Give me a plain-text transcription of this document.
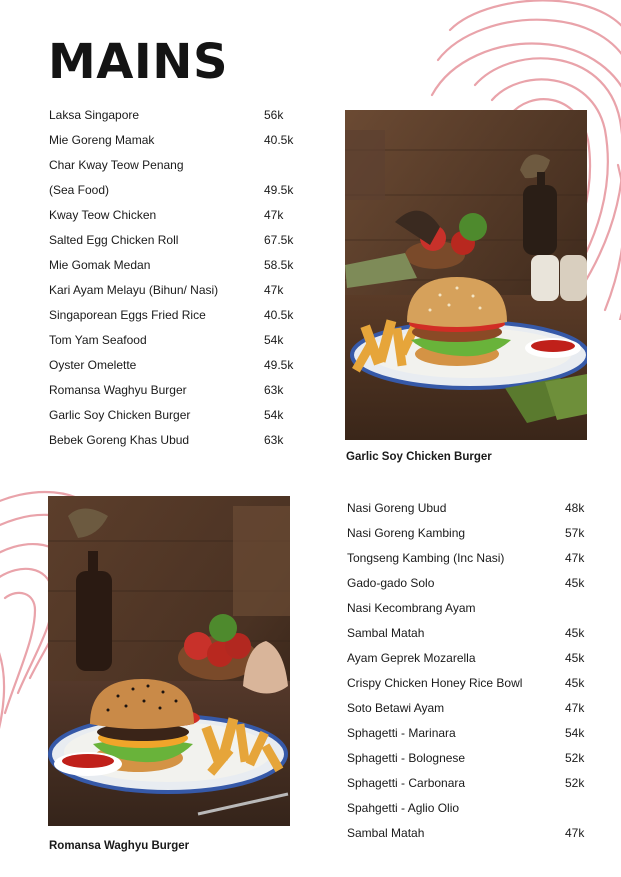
MAINS
Laksa Singapore	56k
Mie Goreng Mamak	40.5k
Char Kway Teow Penang
(Sea Food)	49.5k
Kway Teow Chicken	47k
Salted Egg Chicken Roll	67.5k
Mie Gomak Medan	58.5k
Kari Ayam Melayu (Bihun/ Nasi)	47k
Singaporean Eggs Fried Rice	40.5k
Tom Yam Seafood	54k
Oyster Omelette	49.5k
Romansa Waghyu Burger	63k
Garlic Soy Chicken Burger	54k
Bebek Goreng Khas Ubud	63k
Garlic Soy Chicken Burger
Romansa Waghyu Burger
Nasi Goreng Ubud	48k
Nasi Goreng Kambing	57k
Tongseng Kambing (Inc Nasi)	47k
Gado-gado Solo	45k
Nasi Kecombrang Ayam
Sambal Matah	45k
Ayam Geprek Mozarella	45k
Crispy Chicken Honey Rice Bowl	45k
Soto Betawi Ayam	47k
Sphagetti - Marinara	54k
Sphagetti - Bolognese	52k
Sphagetti - Carbonara	52k
Spahgetti - Aglio Olio
Sambal Matah	47k
